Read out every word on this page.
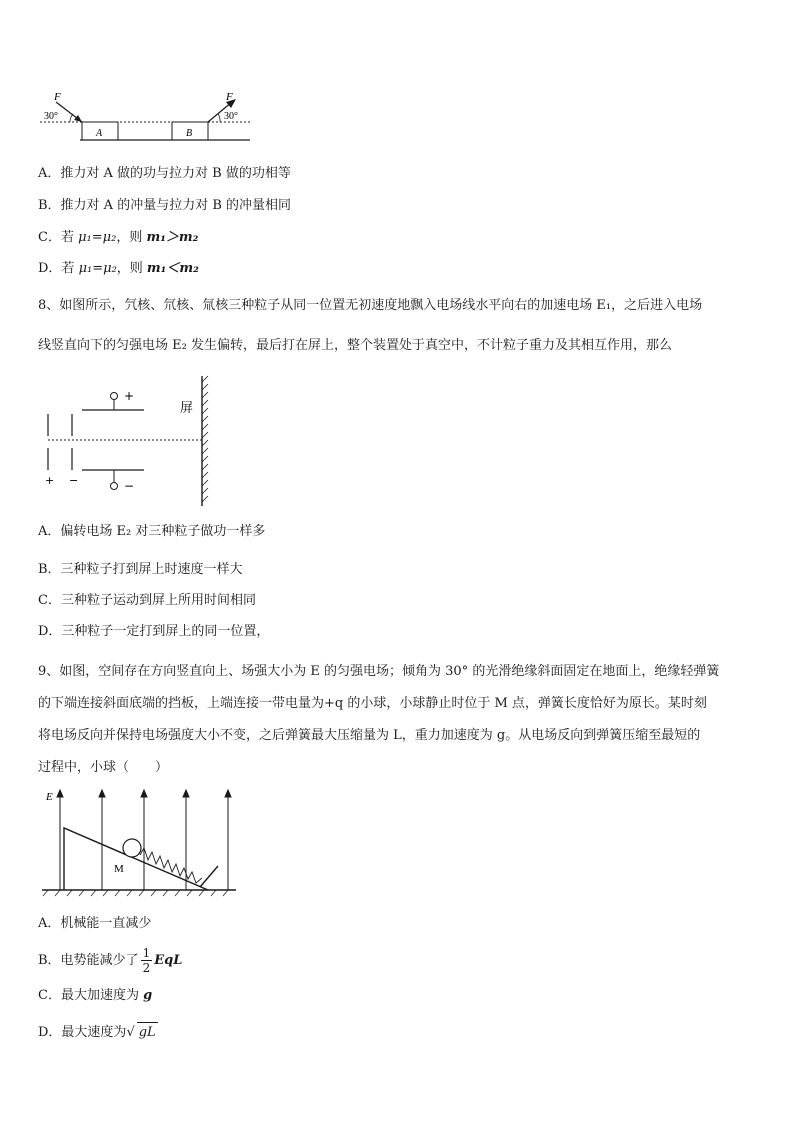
F	F
30°	30°
A	B
A．推力对 A 做的功与拉力对 B 做的功相等
B．推力对 A 的冲量与拉力对 B 的冲量相同
C．若 μ₁=μ₂，则 m₁＞m₂
D．若 μ₁=μ₂，则 m₁＜m₂
8、如图所示，氕核、氘核、氚核三种粒子从同一位置无初速度地飘入电场线水平向右的加速电场 E₁，之后进入电场
线竖直向下的匀强电场 E₂ 发生偏转，最后打在屏上，整个装置处于真空中，不计粒子重力及其相互作用，那么
屏
+
−
+ −
A．偏转电场 E₂ 对三种粒子做功一样多
B．三种粒子打到屏上时速度一样大
C．三种粒子运动到屏上所用时间相同
D．三种粒子一定打到屏上的同一位置，
9、如图，空间存在方向竖直向上、场强大小为 E 的匀强电场；倾角为 30° 的光滑绝缘斜面固定在地面上，绝缘轻弹簧
的下端连接斜面底端的挡板，上端连接一带电量为+q 的小球，小球静止时位于 M 点，弹簧长度恰好为原长。某时刻
将电场反向并保持电场强度大小不变，之后弹簧最大压缩量为 L，重力加速度为 g。从电场反向到弹簧压缩至最短的
过程中，小球（　　）
E
M
A．机械能一直减少
B．电势能减少了 $\frac{1}{2}$ EqL
C．最大加速度为 g
D．最大速度为√ gL
